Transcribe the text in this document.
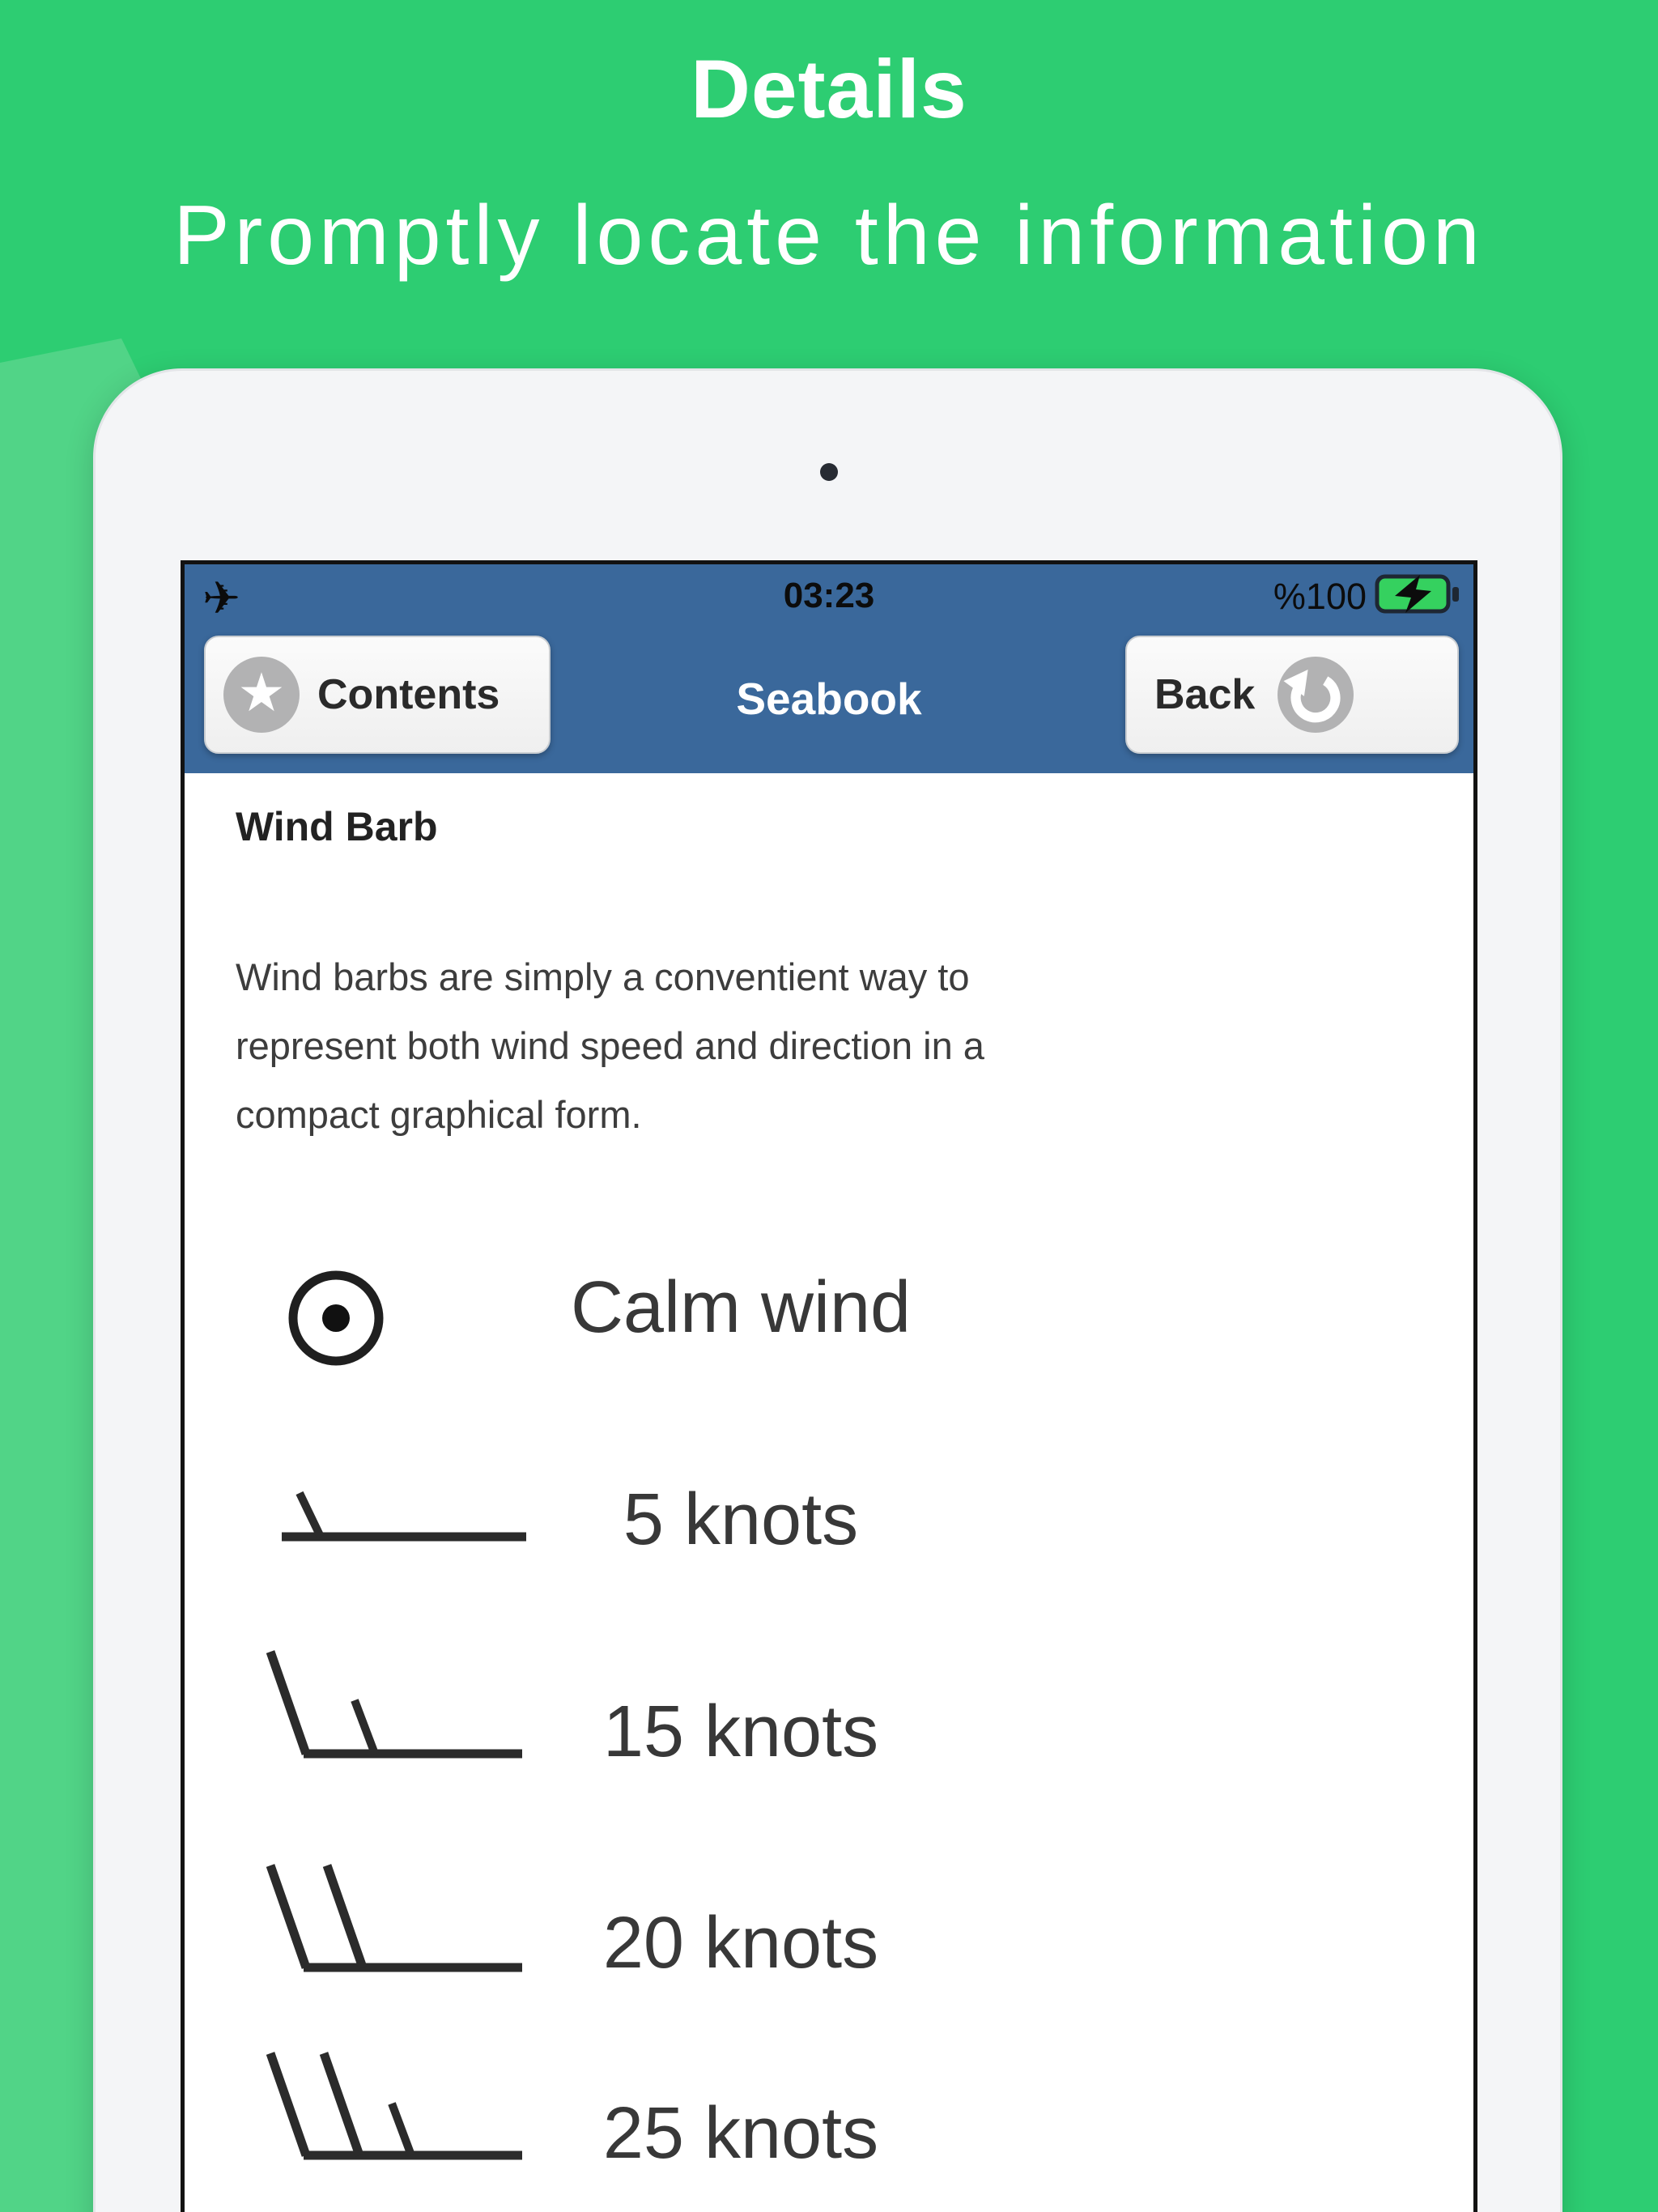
Details
Promptly locate the information
✈	03:23	%100
★ Contents	Back
Seabook
Wind Barb
Wind barbs are simply a conventient way to
represent both wind speed and direction in a
compact graphical form.
Calm wind
5 knots
15 knots
20 knots
25 knots
